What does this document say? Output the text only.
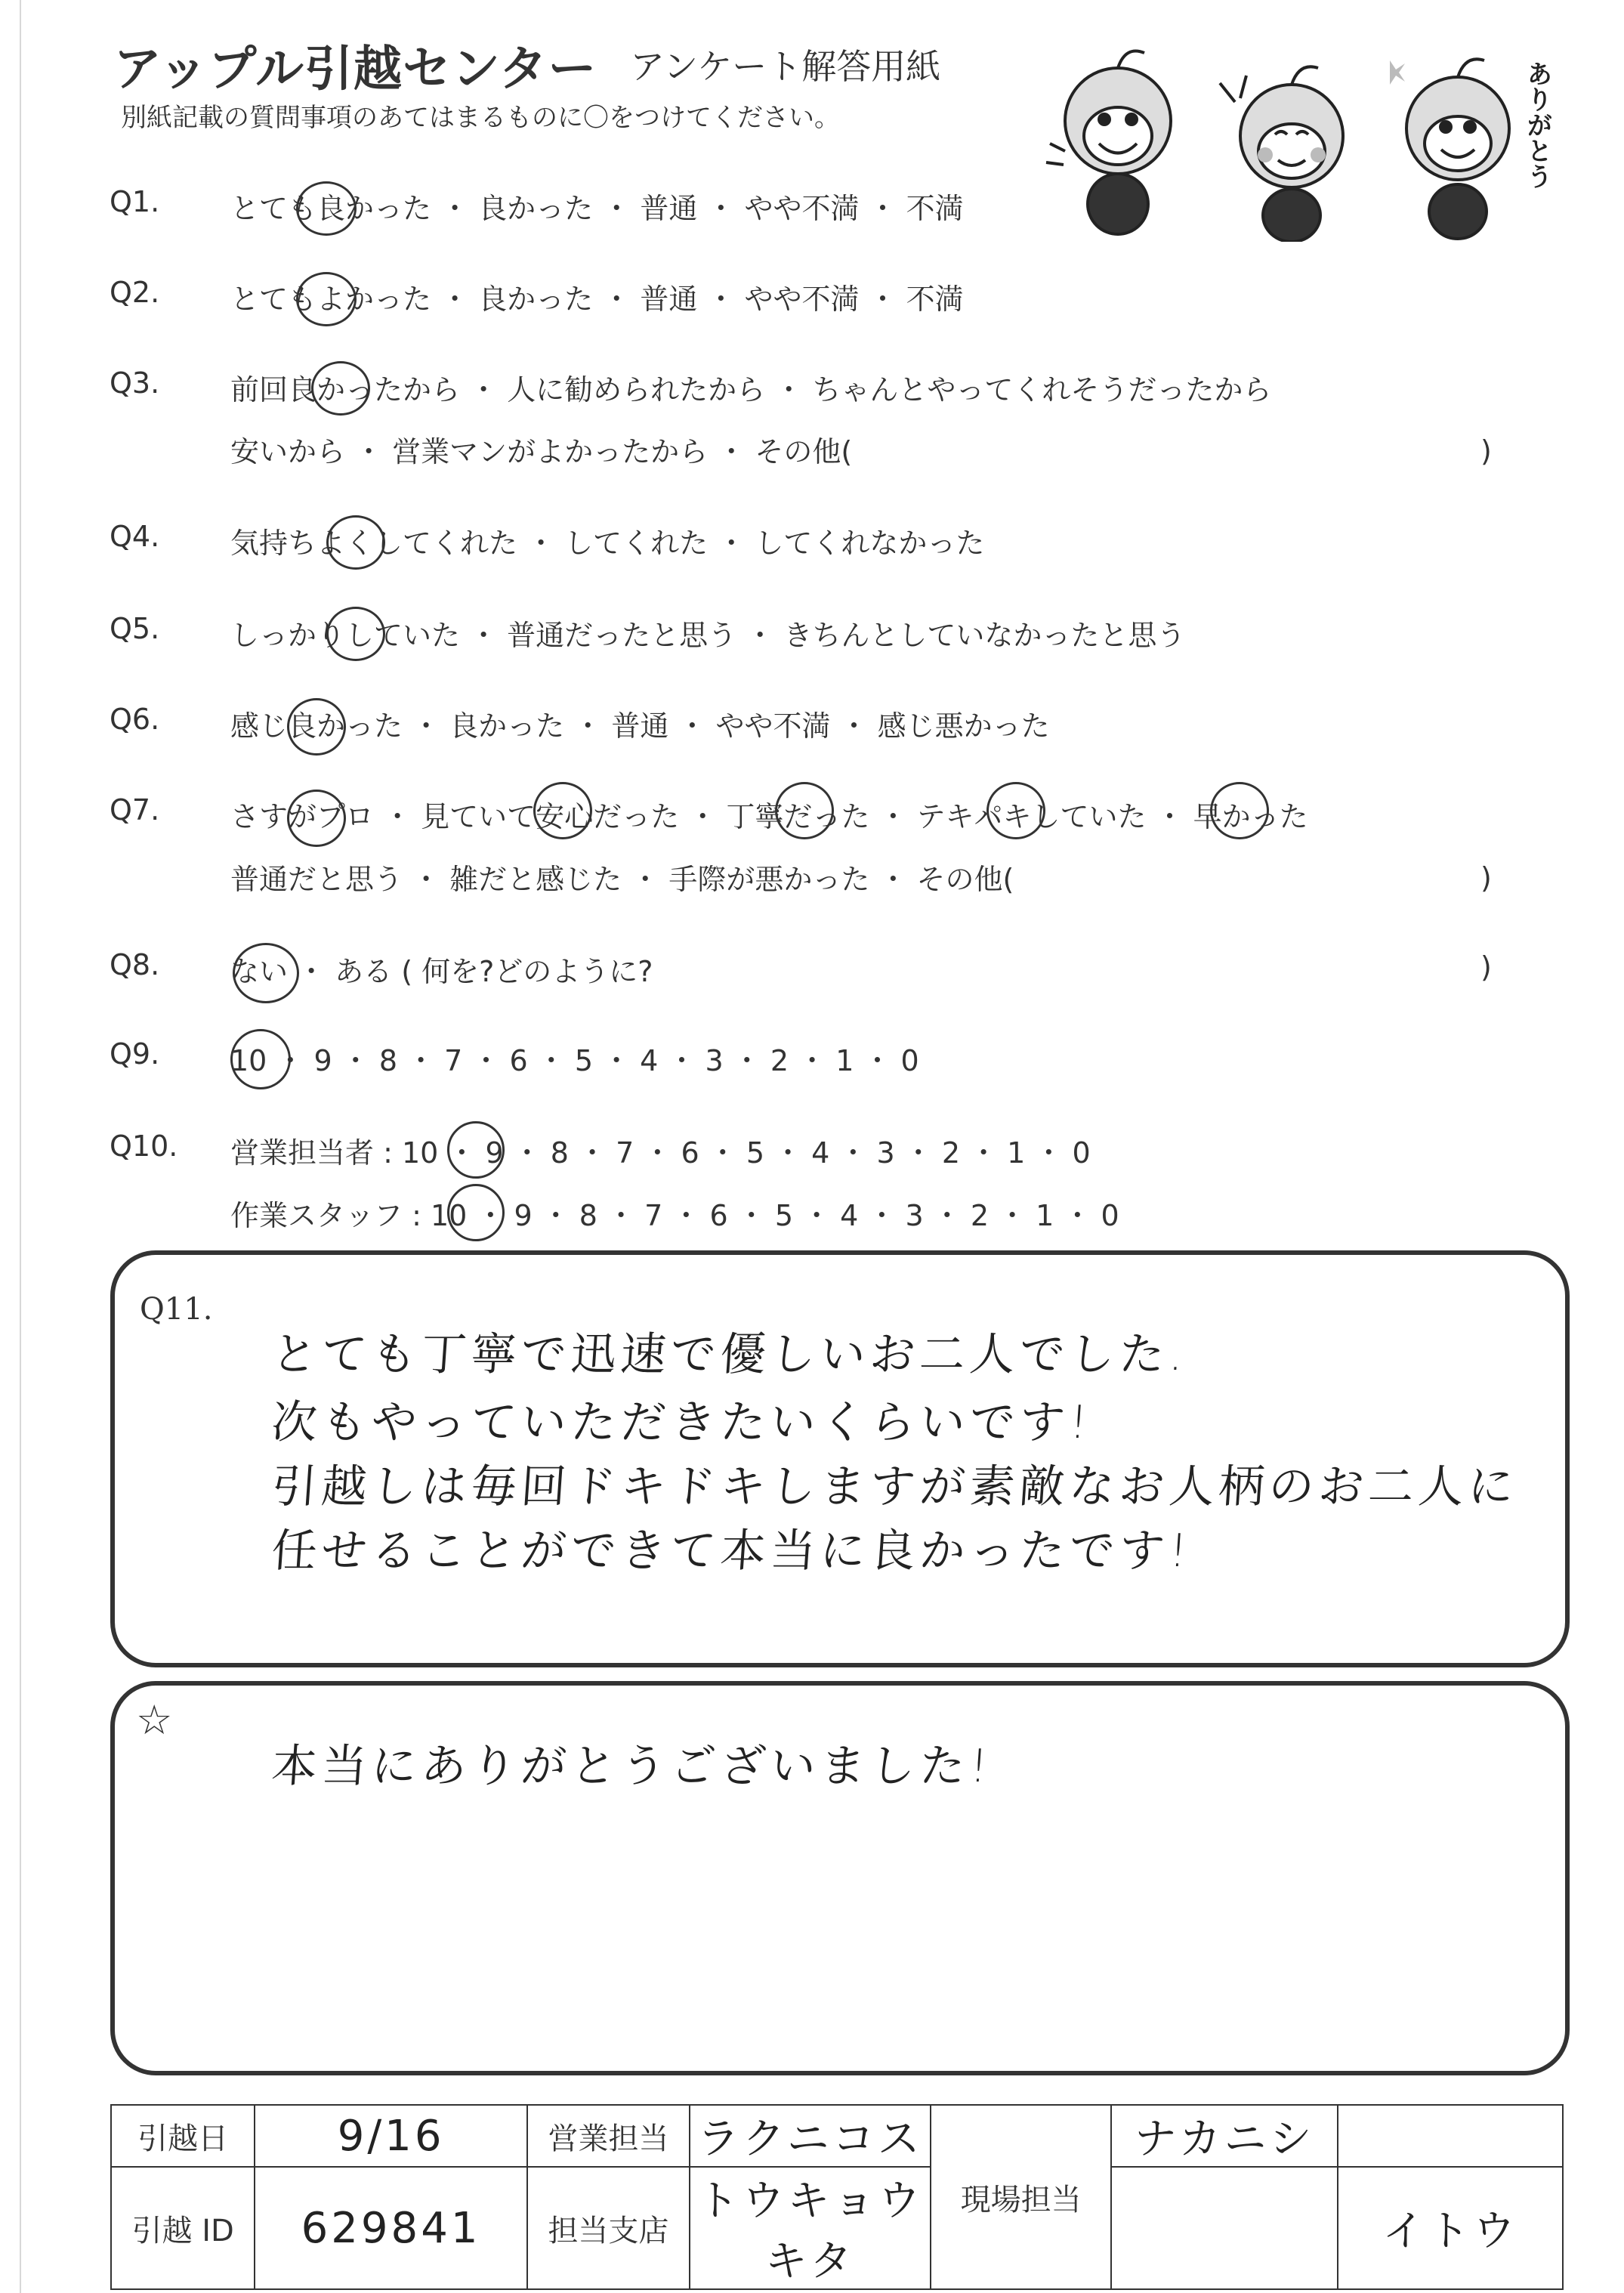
アップル引越センター アンケート解答用紙
別紙記載の質問事項のあてはまるものに〇をつけてください。	ありがとう
Q1. とても良かった ・ 良かった ・ 普通 ・ やや不満 ・ 不満
Q2. とてもよかった ・ 良かった ・ 普通 ・ やや不満 ・ 不満
Q3. 前回良かったから ・ 人に勧められたから ・ ちゃんとやってくれそうだったから
安いから ・ 営業マンがよかったから ・ その他(	)
Q4. 気持ちよくしてくれた ・ してくれた ・ してくれなかった
Q5. しっかりしていた ・ 普通だったと思う ・ きちんとしていなかったと思う
Q6. 感じ良かった ・ 良かった ・ 普通 ・ やや不満 ・ 感じ悪かった
Q7. さすがプロ ・ 見ていて安心だった ・ 丁寧だった ・ テキパキしていた ・ 早かった
普通だと思う ・ 雑だと感じた ・ 手際が悪かった ・ その他(	)
Q8. ない ・ ある ( 何を?どのように?	)
Q9. 10 ・ 9 ・ 8 ・ 7 ・ 6 ・ 5 ・ 4 ・ 3 ・ 2 ・ 1 ・ 0
Q10. 営業担当者 : 10 ・ 9 ・ 8 ・ 7 ・ 6 ・ 5 ・ 4 ・ 3 ・ 2 ・ 1 ・ 0
作業スタッフ : 10 ・ 9 ・ 8 ・ 7 ・ 6 ・ 5 ・ 4 ・ 3 ・ 2 ・ 1 ・ 0
Q11.
とても丁寧で迅速で優しいお二人でした.
次もやっていただきたいくらいです!
引越しは毎回ドキドキしますが素敵なお人柄のお二人に
任せることができて本当に良かったです!
☆
本当にありがとうございました!
引越日	9/16	営業担当	ラクニコス	現場担当	ナカニシ	
引越 ID	629841	担当支店	トウキョウキタ			イトウ
